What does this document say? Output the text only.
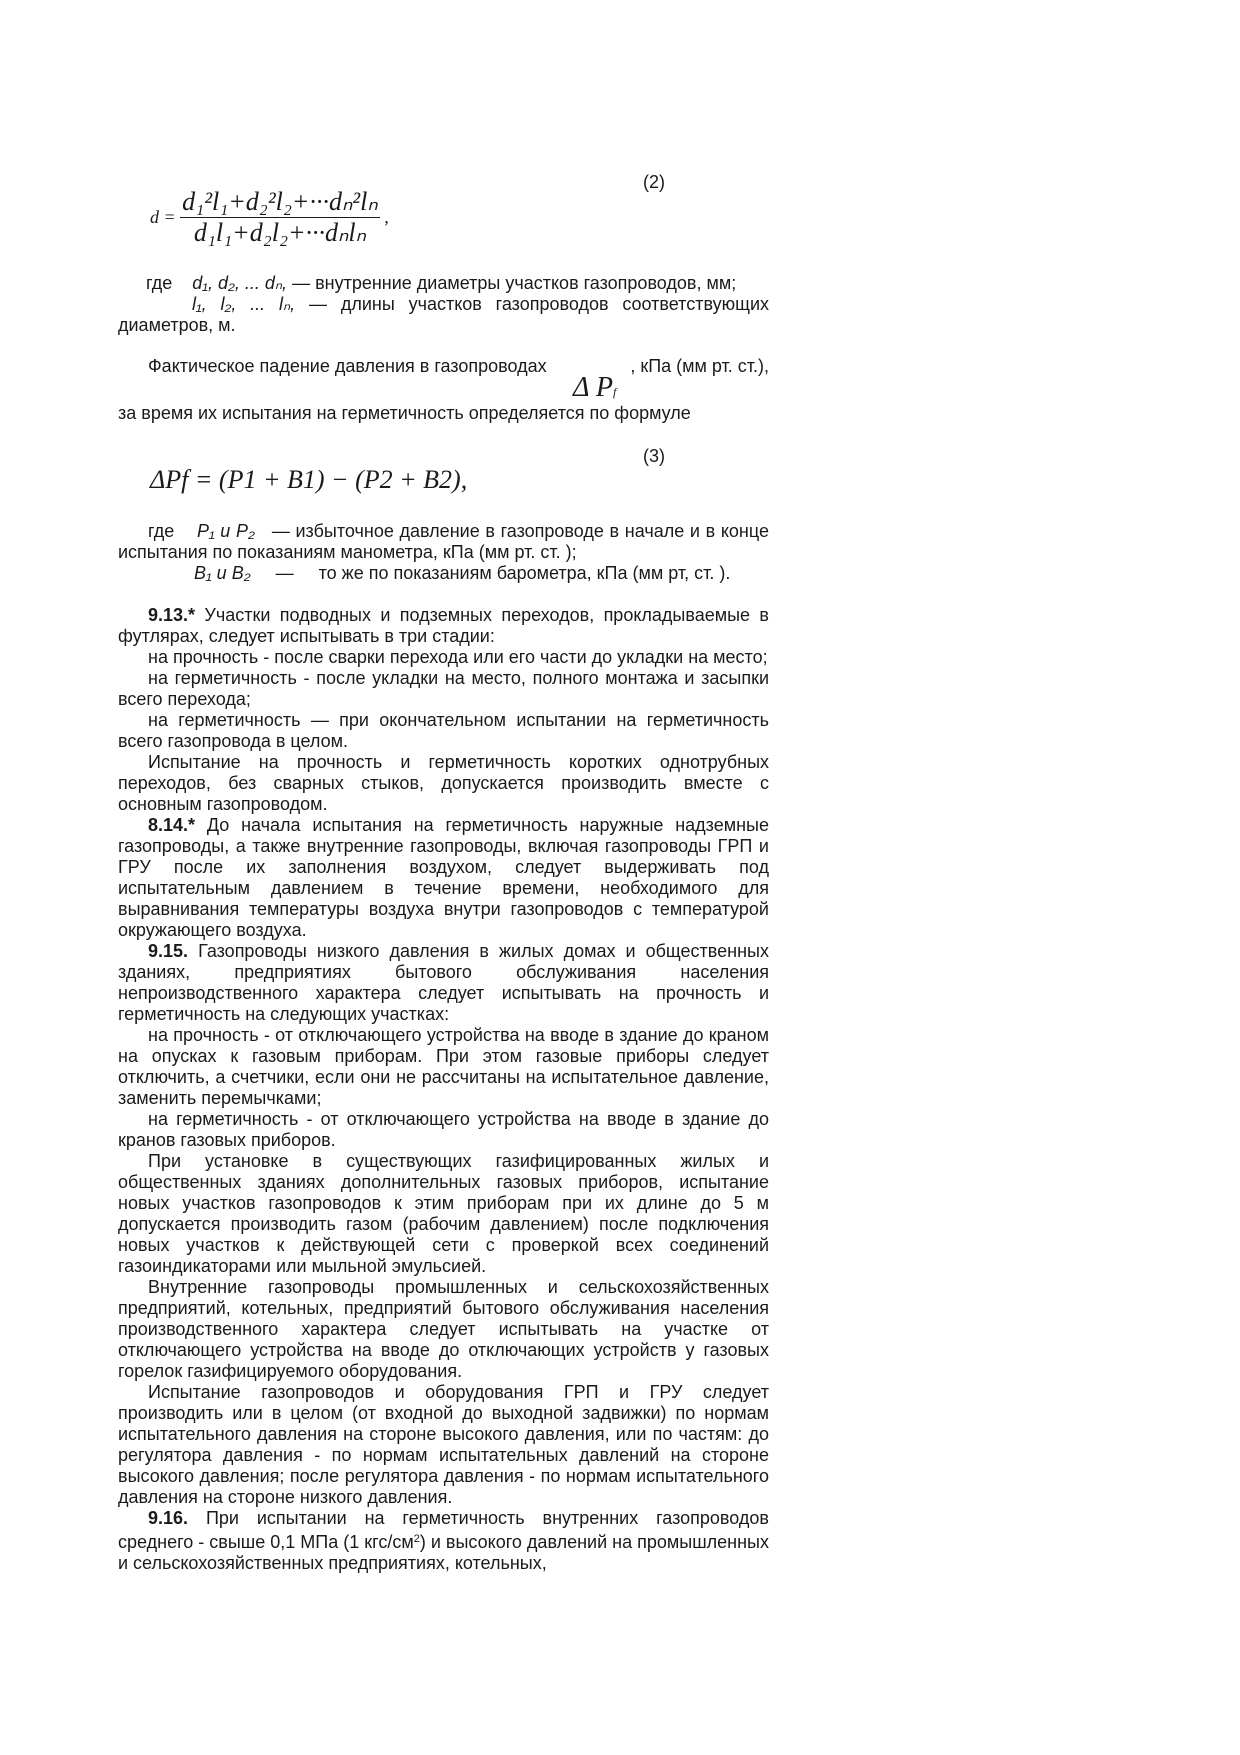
(2)
$d = \frac{\text{d₁²l₁+d₂²l₂+···dₙ²lₙ}}{\text{d₁l₁+d₂l₂+···dₙlₙ}}$ ,

где d₁, d₂, ... dₙ, — внутренние диаметры участков газопроводов, мм;

l₁, l₂, ... lₙ, — длины участков газопроводов соответствующих диаметров, м.

Фактическое падение давления в газопроводах	, кПа (мм рт. ст.),
Δ Pf
за время их испытания на герметичность определяется по формуле
(3)
ΔPf = (P1 + B1) − (P2 + B2),

где P₁ и P₂ — избыточное давление в газопроводе в начале и в конце испытания по показаниям манометра, кПа (мм рт. ст. );

B₁ и B₂ — то же по показаниям барометра, кПа (мм рт, ст. ).

9.13.* Участки подводных и подземных переходов, прокладываемые в футлярах, следует испытывать в три стадии:

на прочность - после сварки перехода или его части до укладки на место;

на герметичность - после укладки на место, полного монтажа и засыпки всего перехода;

на герметичность — при окончательном испытании на герметичность всего газопровода в целом.

Испытание на прочность и герметичность коротких однотрубных переходов, без сварных стыков, допускается производить вместе с основным газопроводом.

8.14.* До начала испытания на герметичность наружные надземные газопроводы, а также внутренние газопроводы, включая газопроводы ГРП и ГРУ после их заполнения воздухом, следует выдерживать под испытательным давлением в течение времени, необходимого для выравнивания температуры воздуха внутри газопроводов с температурой окружающего воздуха.

9.15. Газопроводы низкого давления в жилых домах и общественных зданиях, предприятиях бытового обслуживания населения непроизводственного характера следует испытывать на прочность и герметичность на следующих участках:

на прочность - от отключающего устройства на вводе в здание до краном на опусках к газовым приборам. При этом газовые приборы следует отключить, а счетчики, если они не рассчитаны на испытательное давление, заменить перемычками;

на герметичность - от отключающего устройства на вводе в здание до кранов газовых приборов.

При установке в существующих газифицированных жилых и общественных зданиях дополнительных газовых приборов, испытание новых участков газопроводов к этим приборам при их длине до 5 м допускается производить газом (рабочим давлением) после подключения новых участков к действующей сети с проверкой всех соединений газоиндикаторами или мыльной эмульсией.

Внутренние газопроводы промышленных и сельскохозяйственных предприятий, котельных, предприятий бытового обслуживания населения производственного характера следует испытывать на участке от отключающего устройства на вводе до отключающих устройств у газовых горелок газифицируемого оборудования.

Испытание газопроводов и оборудования ГРП и ГРУ следует производить или в целом (от входной до выходной задвижки) по нормам испытательного давления на стороне высокого давления, или по частям: до регулятора давления - по нормам испытательных давлений на стороне высокого давления; после регулятора давления - по нормам испытательного давления на стороне низкого давления.

9.16. При испытании на герметичность внутренних газопроводов среднего - свыше 0,1 МПа (1 кгс/$см^2$) и высокого давлений на промышленных и сельскохозяйственных предприятиях, котельных,
